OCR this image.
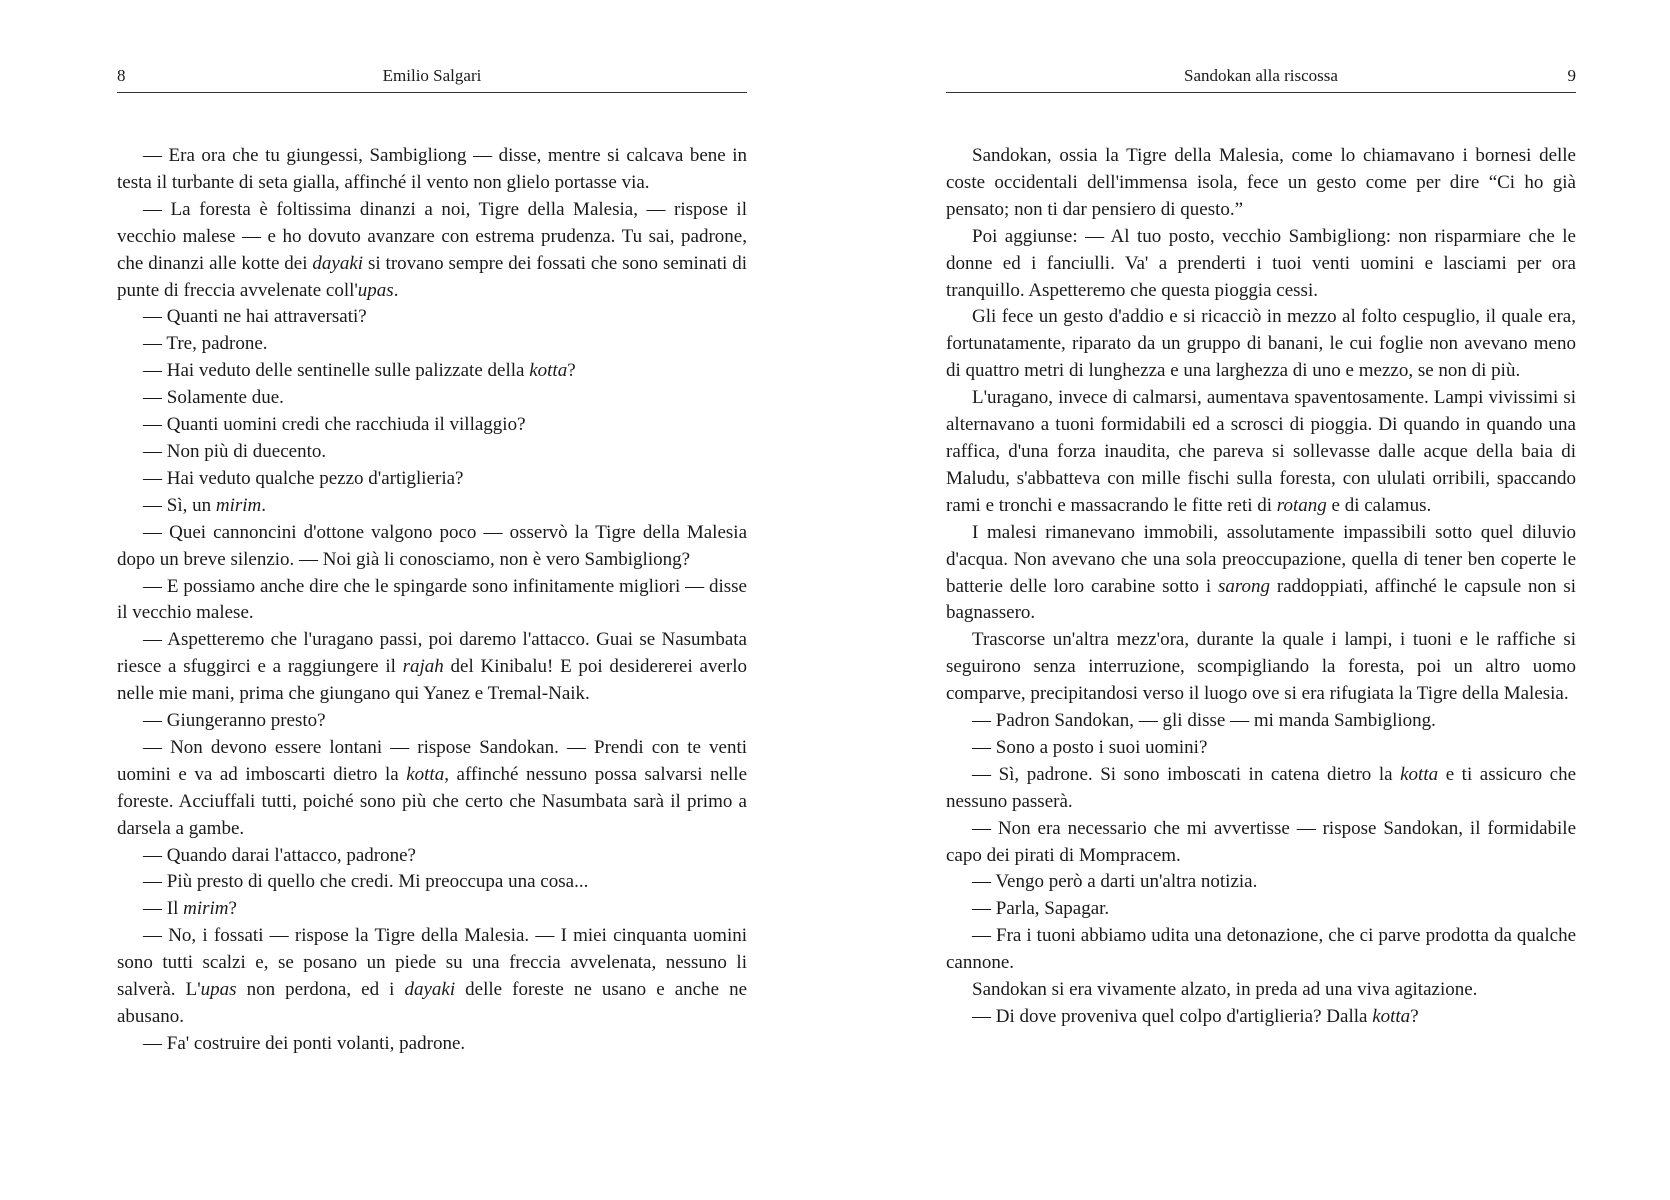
8	Emilio Salgari

— Era ora che tu giungessi, Sambigliong — disse, mentre si calcava bene in testa il turbante di seta gialla, affinché il vento non glielo portasse via.

— La foresta è foltissima dinanzi a noi, Tigre della Malesia, — rispose il vecchio malese — e ho dovuto avanzare con estrema prudenza. Tu sai, padrone, che dinanzi alle kotte dei dayaki si trovano sempre dei fossati che sono seminati di punte di freccia avvelenate coll'upas.

— Quanti ne hai attraversati?

— Tre, padrone.

— Hai veduto delle sentinelle sulle palizzate della kotta?

— Solamente due.

— Quanti uomini credi che racchiuda il villaggio?

— Non più di duecento.

— Hai veduto qualche pezzo d'artiglieria?

— Sì, un mirim.

— Quei cannoncini d'ottone valgono poco — osservò la Tigre della Malesia dopo un breve silenzio. — Noi già li conosciamo, non è vero Sambigliong?

— E possiamo anche dire che le spingarde sono infinitamente migliori — disse il vecchio malese.

— Aspetteremo che l'uragano passi, poi daremo l'attacco. Guai se Nasumbata riesce a sfuggirci e a raggiungere il rajah del Kinibalu! E poi desidererei averlo nelle mie mani, prima che giungano qui Yanez e Tremal-Naik.

— Giungeranno presto?

— Non devono essere lontani — rispose Sandokan. — Prendi con te venti uomini e va ad imboscarti dietro la kotta, affinché nessuno possa salvarsi nelle foreste. Acciuffali tutti, poiché sono più che certo che Nasumbata sarà il primo a darsela a gambe.

— Quando darai l'attacco, padrone?

— Più presto di quello che credi. Mi preoccupa una cosa...

— Il mirim?

— No, i fossati — rispose la Tigre della Malesia. — I miei cinquanta uomini sono tutti scalzi e, se posano un piede su una freccia avvelenata, nessuno li salverà. L'upas non perdona, ed i dayaki delle foreste ne usano e anche ne abusano.

— Fa' costruire dei ponti volanti, padrone.

Sandokan alla riscossa	9

Sandokan, ossia la Tigre della Malesia, come lo chiamavano i bornesi delle coste occidentali dell'immensa isola, fece un gesto come per dire “Ci ho già pensato; non ti dar pensiero di questo.”

Poi aggiunse: — Al tuo posto, vecchio Sambigliong: non risparmiare che le donne ed i fanciulli. Va' a prenderti i tuoi venti uomini e lasciami per ora tranquillo. Aspetteremo che questa pioggia cessi.

Gli fece un gesto d'addio e si ricacciò in mezzo al folto cespuglio, il quale era, fortunatamente, riparato da un gruppo di banani, le cui foglie non avevano meno di quattro metri di lunghezza e una larghezza di uno e mezzo, se non di più.

L'uragano, invece di calmarsi, aumentava spaventosamente. Lampi vivissimi si alternavano a tuoni formidabili ed a scrosci di pioggia. Di quando in quando una raffica, d'una forza inaudita, che pareva si sollevasse dalle acque della baia di Maludu, s'abbatteva con mille fischi sulla foresta, con ululati orribili, spaccando rami e tronchi e massacrando le fitte reti di rotang e di calamus.

I malesi rimanevano immobili, assolutamente impassibili sotto quel diluvio d'acqua. Non avevano che una sola preoccupazione, quella di tener ben coperte le batterie delle loro carabine sotto i sarong raddoppiati, affinché le capsule non si bagnassero.

Trascorse un'altra mezz'ora, durante la quale i lampi, i tuoni e le raffiche si seguirono senza interruzione, scompigliando la foresta, poi un altro uomo comparve, precipitandosi verso il luogo ove si era rifugiata la Tigre della Malesia.

— Padron Sandokan, — gli disse — mi manda Sambigliong.

— Sono a posto i suoi uomini?

— Sì, padrone. Si sono imboscati in catena dietro la kotta e ti assicuro che nessuno passerà.

— Non era necessario che mi avvertisse — rispose Sandokan, il formidabile capo dei pirati di Mompracem.

— Vengo però a darti un'altra notizia.

— Parla, Sapagar.

— Fra i tuoni abbiamo udita una detonazione, che ci parve prodotta da qualche cannone.

Sandokan si era vivamente alzato, in preda ad una viva agitazione.

— Di dove proveniva quel colpo d'artiglieria? Dalla kotta?
